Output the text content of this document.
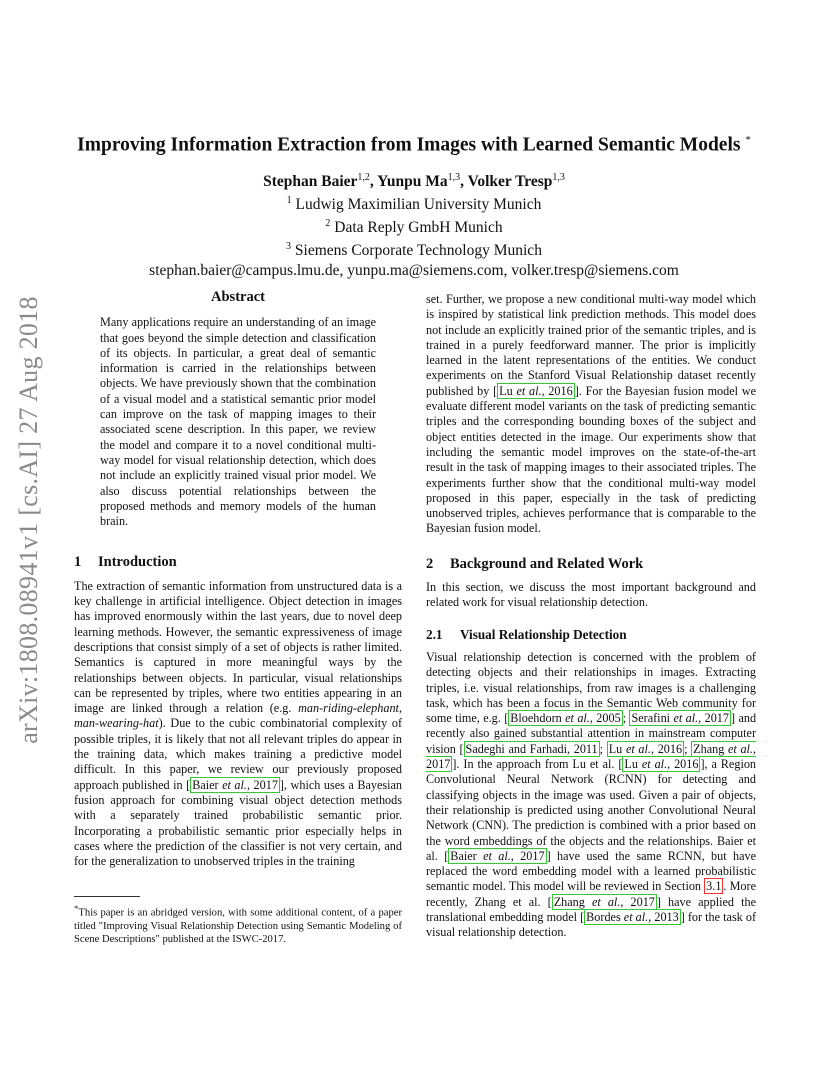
arXiv:1808.08941v1 [cs.AI] 27 Aug 2018
Improving Information Extraction from Images with Learned Semantic Models *
Stephan Baier$^{1,2}$, Yunpu Ma$^{1,3}$, Volker Tresp$^{1,3}$
$^1$ Ludwig Maximilian University Munich
$^2$ Data Reply GmbH Munich
$^3$ Siemens Corporate Technology Munich
stephan.baier@campus.lmu.de, yunpu.ma@siemens.com, volker.tresp@siemens.com
Abstract

Many applications require an understanding of an image that goes beyond the simple detection and classification of its objects. In particular, a great deal of semantic information is carried in the relationships between objects. We have previously shown that the combination of a visual model and a statistical semantic prior model can improve on the task of mapping images to their associated scene description. In this paper, we review the model and compare it to a novel conditional multi-way model for visual relationship detection, which does not include an explicitly trained visual prior model. We also discuss potential relationships between the proposed methods and memory models of the human brain.

1 Introduction

The extraction of semantic information from unstructured data is a key challenge in artificial intelligence. Object detection in images has improved enormously within the last years, due to novel deep learning methods. However, the semantic expressiveness of image descriptions that consist simply of a set of objects is rather limited. Semantics is captured in more meaningful ways by the relationships between objects. In particular, visual relationships can be represented by triples, where two entities appearing in an image are linked through a relation (e.g. man-riding-elephant, man-wearing-hat). Due to the cubic combinatorial complexity of possible triples, it is likely that not all relevant triples do appear in the training data, which makes training a predictive model difficult. In this paper, we review our previously proposed approach published in [ Baier et al., 2017 ], which uses a Bayesian fusion approach for combining visual object detection methods with a separately trained probabilistic semantic prior. Incorporating a probabilistic semantic prior especially helps in cases where the prediction of the classifier is not very certain, and for the generalization to unobserved triples in the training

*This paper is an abridged version, with some additional content, of a paper titled "Improving Visual Relationship Detection using Semantic Modeling of Scene Descriptions" published at the ISWC-2017.

set. Further, we propose a new conditional multi-way model which is inspired by statistical link prediction methods. This model does not include an explicitly trained prior of the semantic triples, and is trained in a purely feedforward manner. The prior is implicitly learned in the latent representations of the entities. We conduct experiments on the Stanford Visual Relationship dataset recently published by [ Lu et al., 2016 ]. For the Bayesian fusion model we evaluate different model variants on the task of predicting semantic triples and the corresponding bounding boxes of the subject and object entities detected in the image. Our experiments show that including the semantic model improves on the state-of-the-art result in the task of mapping images to their associated triples. The experiments further show that the conditional multi-way model proposed in this paper, especially in the task of predicting unobserved triples, achieves performance that is comparable to the Bayesian fusion model.

2 Background and Related Work

In this section, we discuss the most important background and related work for visual relationship detection.

2.1 Visual Relationship Detection

Visual relationship detection is concerned with the problem of detecting objects and their relationships in images. Extracting triples, i.e. visual relationships, from raw images is a challenging task, which has been a focus in the Semantic Web community for some time, e.g. [ Bloehdorn et al., 2005 ; Serafini et al., 2017 ] and recently also gained substantial attention in mainstream computer vision [ Sadeghi and Farhadi, 2011 ; Lu et al., 2016 ; Zhang et al., 2017 ]. In the approach from Lu et al. [ Lu et al., 2016 ], a Region Convolutional Neural Network (RCNN) for detecting and classifying objects in the image was used. Given a pair of objects, their relationship is predicted using another Convolutional Neural Network (CNN). The prediction is combined with a prior based on the word embeddings of the objects and the relationships. Baier et al. [ Baier et al., 2017 ] have used the same RCNN, but have replaced the word embedding model with a learned probabilistic semantic model. This model will be reviewed in Section 3.1 . More recently, Zhang et al. [ Zhang et al., 2017 ] have applied the translational embedding model [ Bordes et al., 2013 ] for the task of visual relationship detection.
